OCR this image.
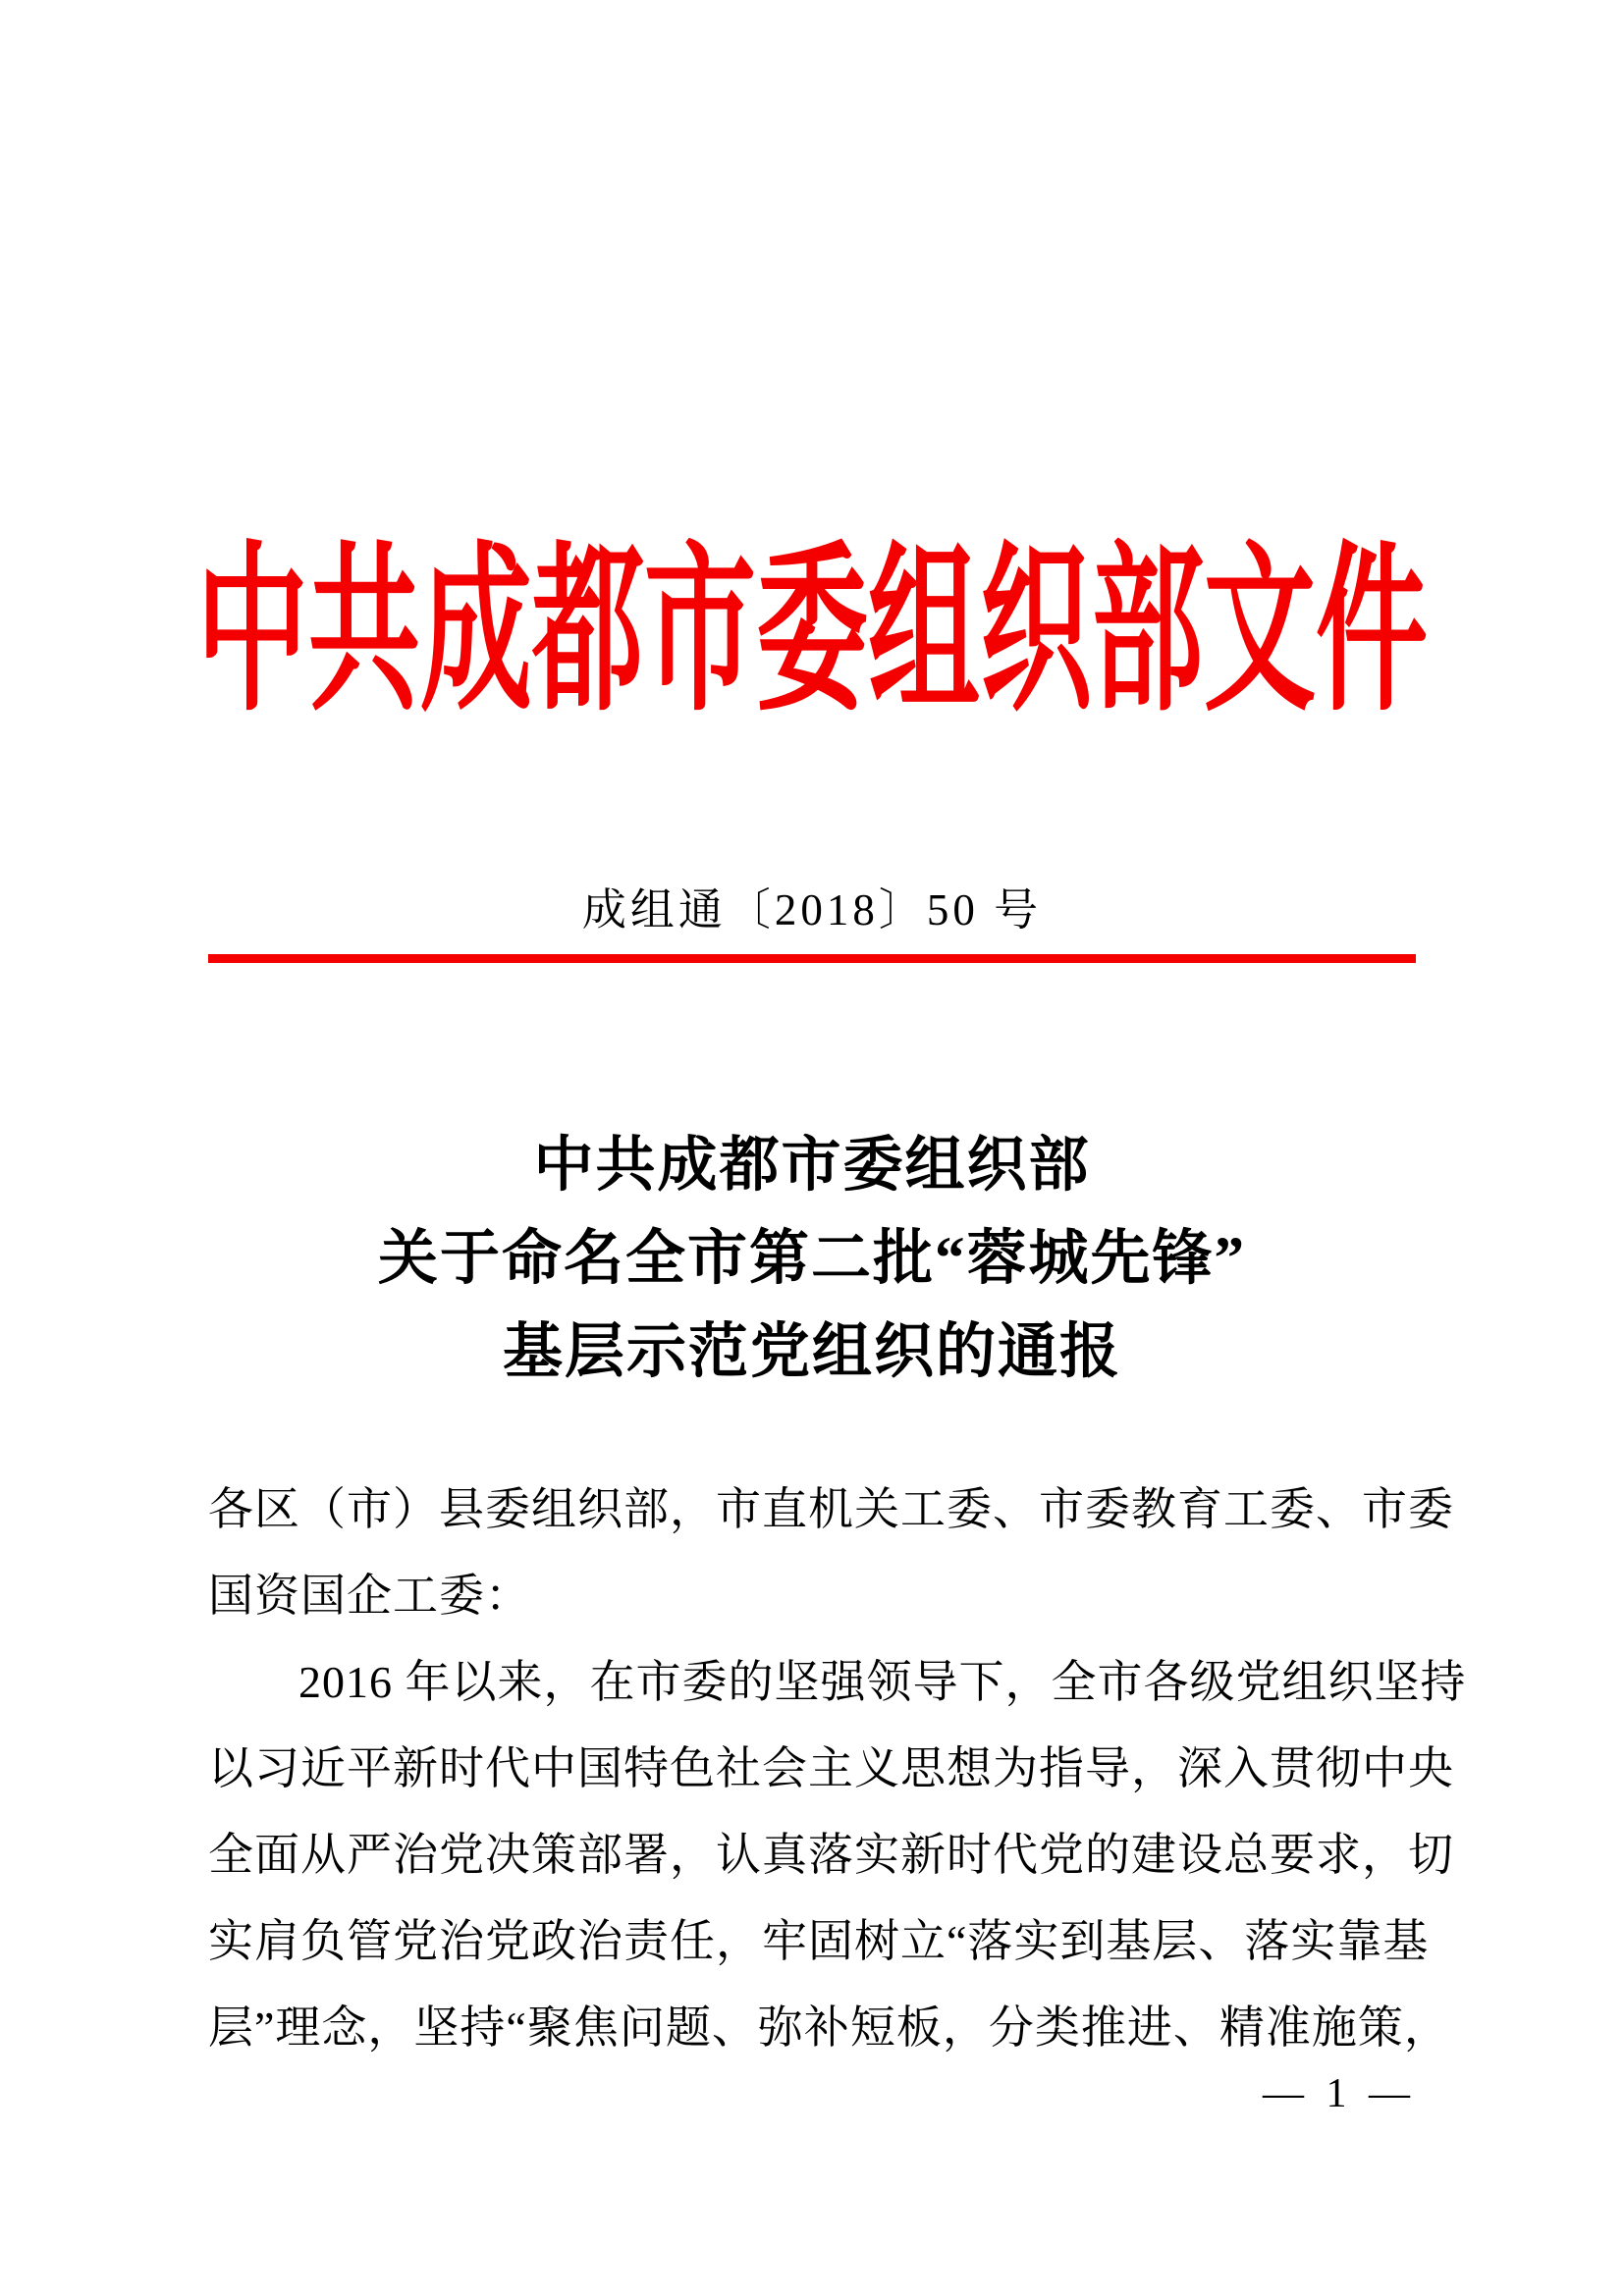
中共成都市委组织部文件
成组通〔2018〕50 号
中共成都市委组织部
关于命名全市第二批“蓉城先锋”
基层示范党组织的通报
各区（市）县委组织部，市直机关工委、市委教育工委、市委
国资国企工委：
2016 年以来，在市委的坚强领导下，全市各级党组织坚持
以习近平新时代中国特色社会主义思想为指导，深入贯彻中央
全面从严治党决策部署，认真落实新时代党的建设总要求，切
实肩负管党治党政治责任，牢固树立“落实到基层、落实靠基
层”理念，坚持“聚焦问题、弥补短板，分类推进、精准施策，
— 1 —
